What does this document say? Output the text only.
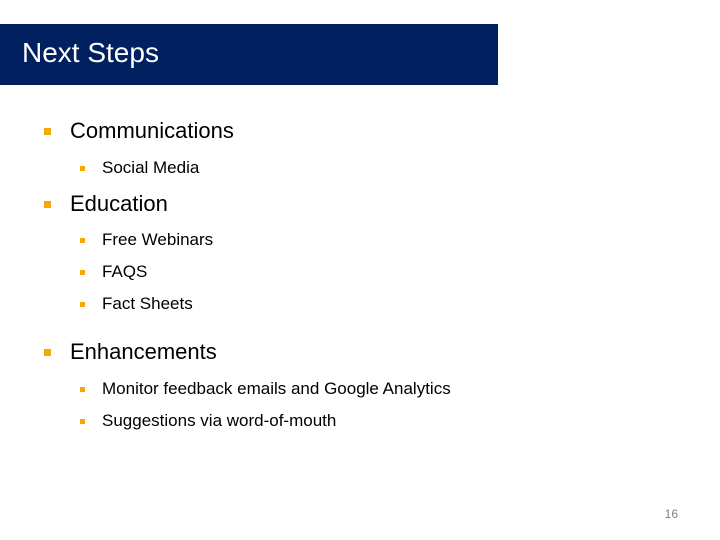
Next Steps
Communications
Social Media
Education
Free Webinars
FAQS
Fact Sheets
Enhancements
Monitor feedback emails and Google Analytics
Suggestions via word-of-mouth
16
